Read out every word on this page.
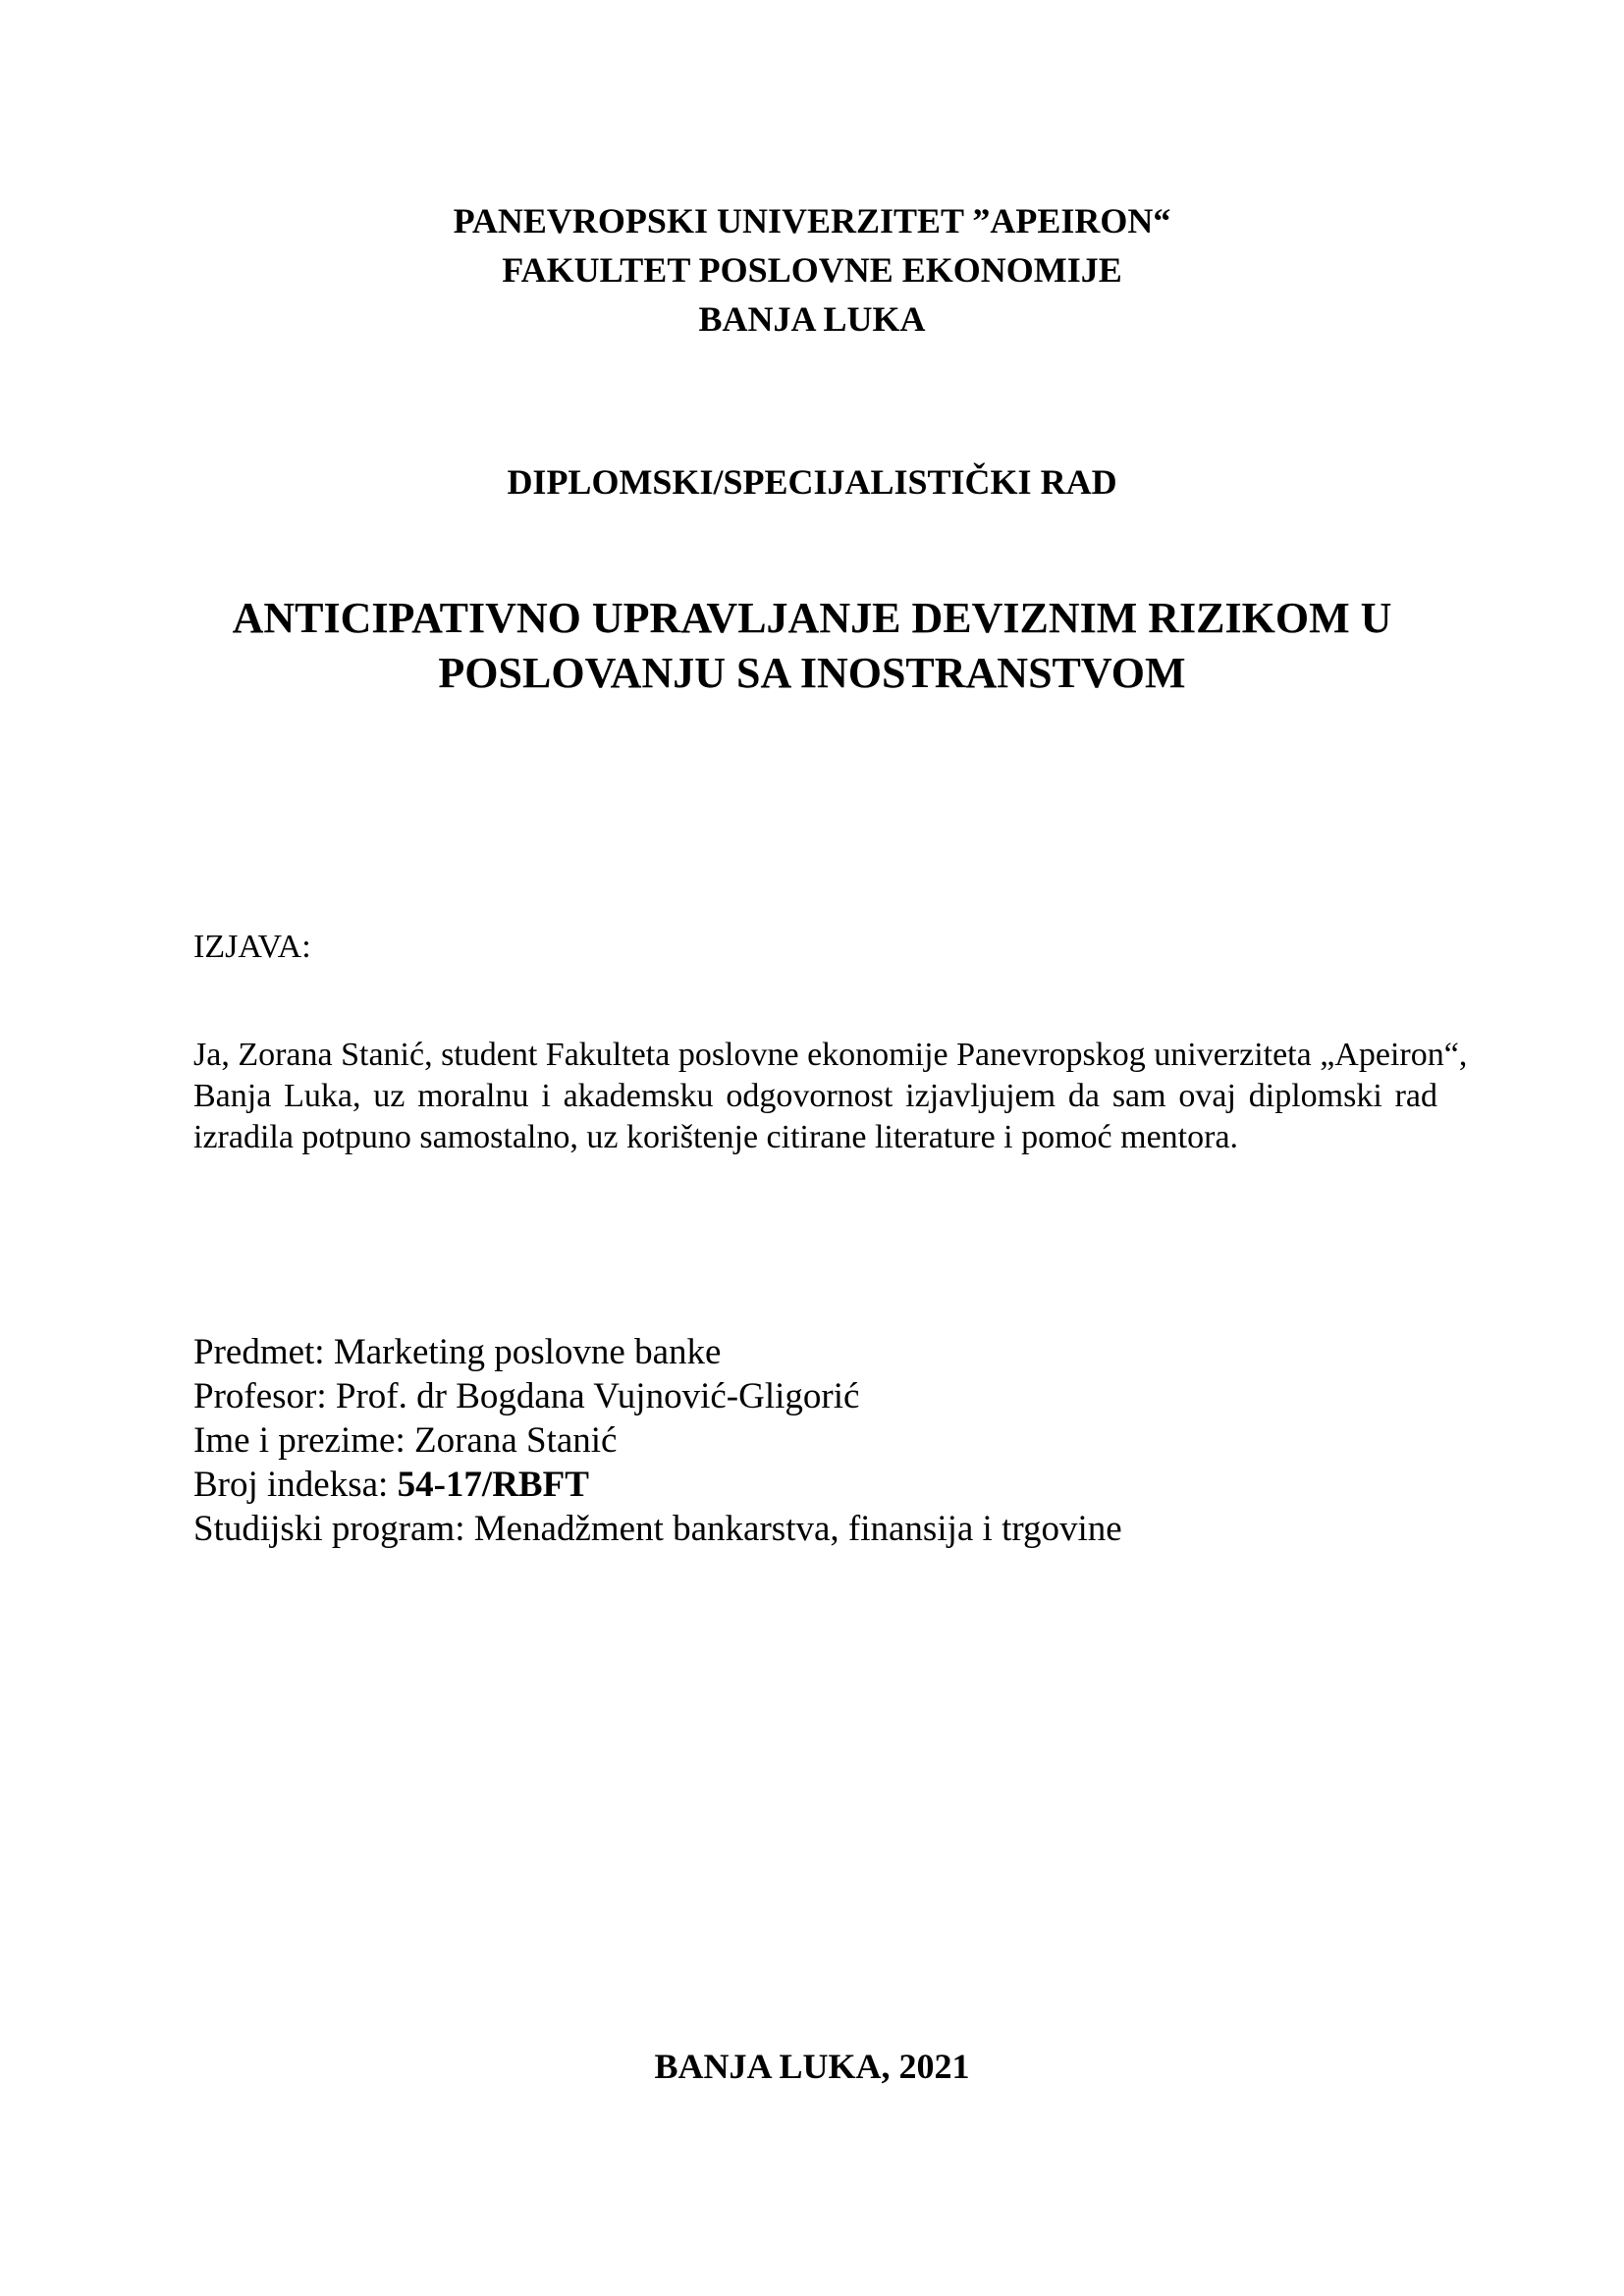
PANEVROPSKI UNIVERZITET ”APEIRON“
FAKULTET POSLOVNE EKONOMIJE
BANJA LUKA
DIPLOMSKI/SPECIJALISTIČKI RAD
ANTICIPATIVNO UPRAVLJANJE DEVIZNIM RIZIKOM U
POSLOVANJU SA INOSTRANSTVOM
IZJAVA:
Ja, Zorana Stanić, student Fakulteta poslovne ekonomije Panevropskog univerziteta „Apeiron“,
Banja Luka, uz moralnu i akademsku odgovornost izjavljujem da sam ovaj diplomski rad
izradila potpuno samostalno, uz korištenje citirane literature i pomoć mentora.
Predmet: Marketing poslovne banke
Profesor: Prof. dr Bogdana Vujnović-Gligorić
Ime i prezime: Zorana Stanić
Broj indeksa: 54-17/RBFT
Studijski program: Menadžment bankarstva, finansija i trgovine
BANJA LUKA, 2021
